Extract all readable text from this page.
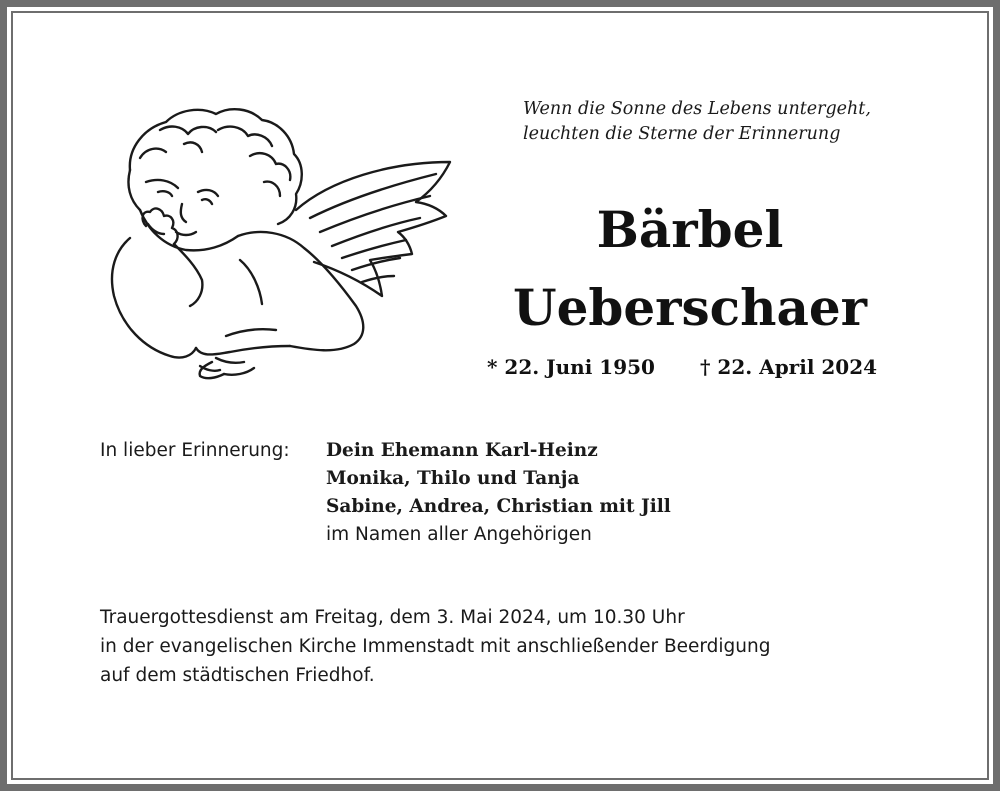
Wenn die Sonne des Lebens untergeht,
leuchten die Sterne der Erinnerung
Bärbel
Ueberschaer
* 22. Juni 1950 † 22. April 2024
In lieber Erinnerung: Dein Ehemann Karl-Heinz
Monika, Thilo und Tanja
Sabine, Andrea, Christian mit Jill
im Namen aller Angehörigen
Trauergottesdienst am Freitag, dem 3. Mai 2024, um 10.30 Uhr
in der evangelischen Kirche Immenstadt mit anschließender Beerdigung
auf dem städtischen Friedhof.
